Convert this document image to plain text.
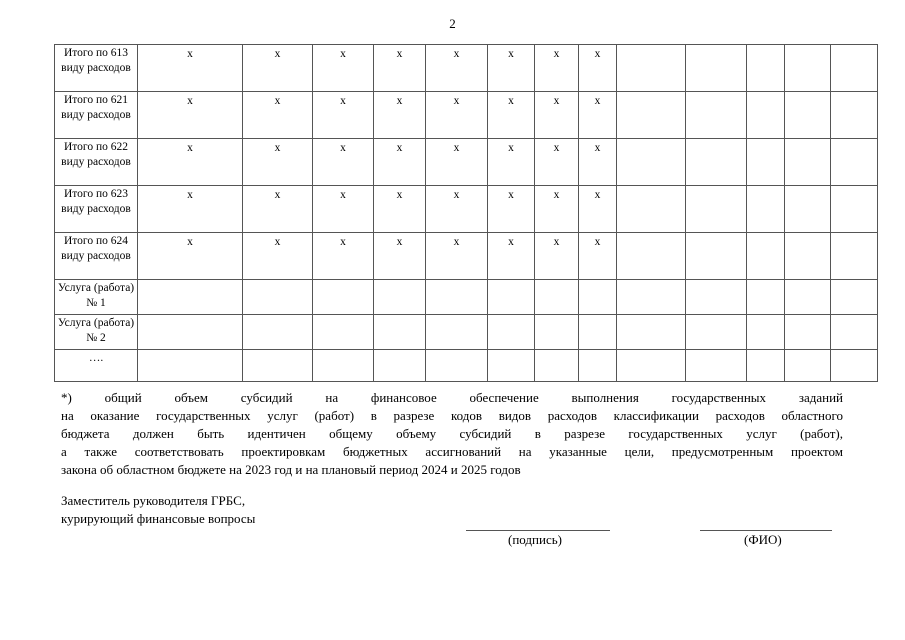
2
Итого по 613 виду расходов	x	x	x	x	x	x	x	x						
Итого по 621 виду расходов	x	x	x	x	x	x	x	x						
Итого по 622 виду расходов	x	x	x	x	x	x	x	x						
Итого по 623 виду расходов	x	x	x	x	x	x	x	x						
Итого по 624 виду расходов	x	x	x	x	x	x	x	x						
Услуга (работа) № 1														
Услуга (работа) № 2														
….														

*) общий объем субсидий на финансовое обеспечение выполнения государственных заданий

на оказание государственных услуг (работ) в разрезе кодов видов расходов классификации расходов областного

бюджета должен быть идентичен общему объему субсидий в разрезе государственных услуг (работ),

а также соответствовать проектировкам бюджетных ассигнований на указанные цели, предусмотренным проектом

закона об областном бюджете на 2023 год и на плановый период 2024 и 2025 годов

Заместитель руководителя ГРБС,
курирующий финансовые вопросы
(подпись)	(ФИО)
